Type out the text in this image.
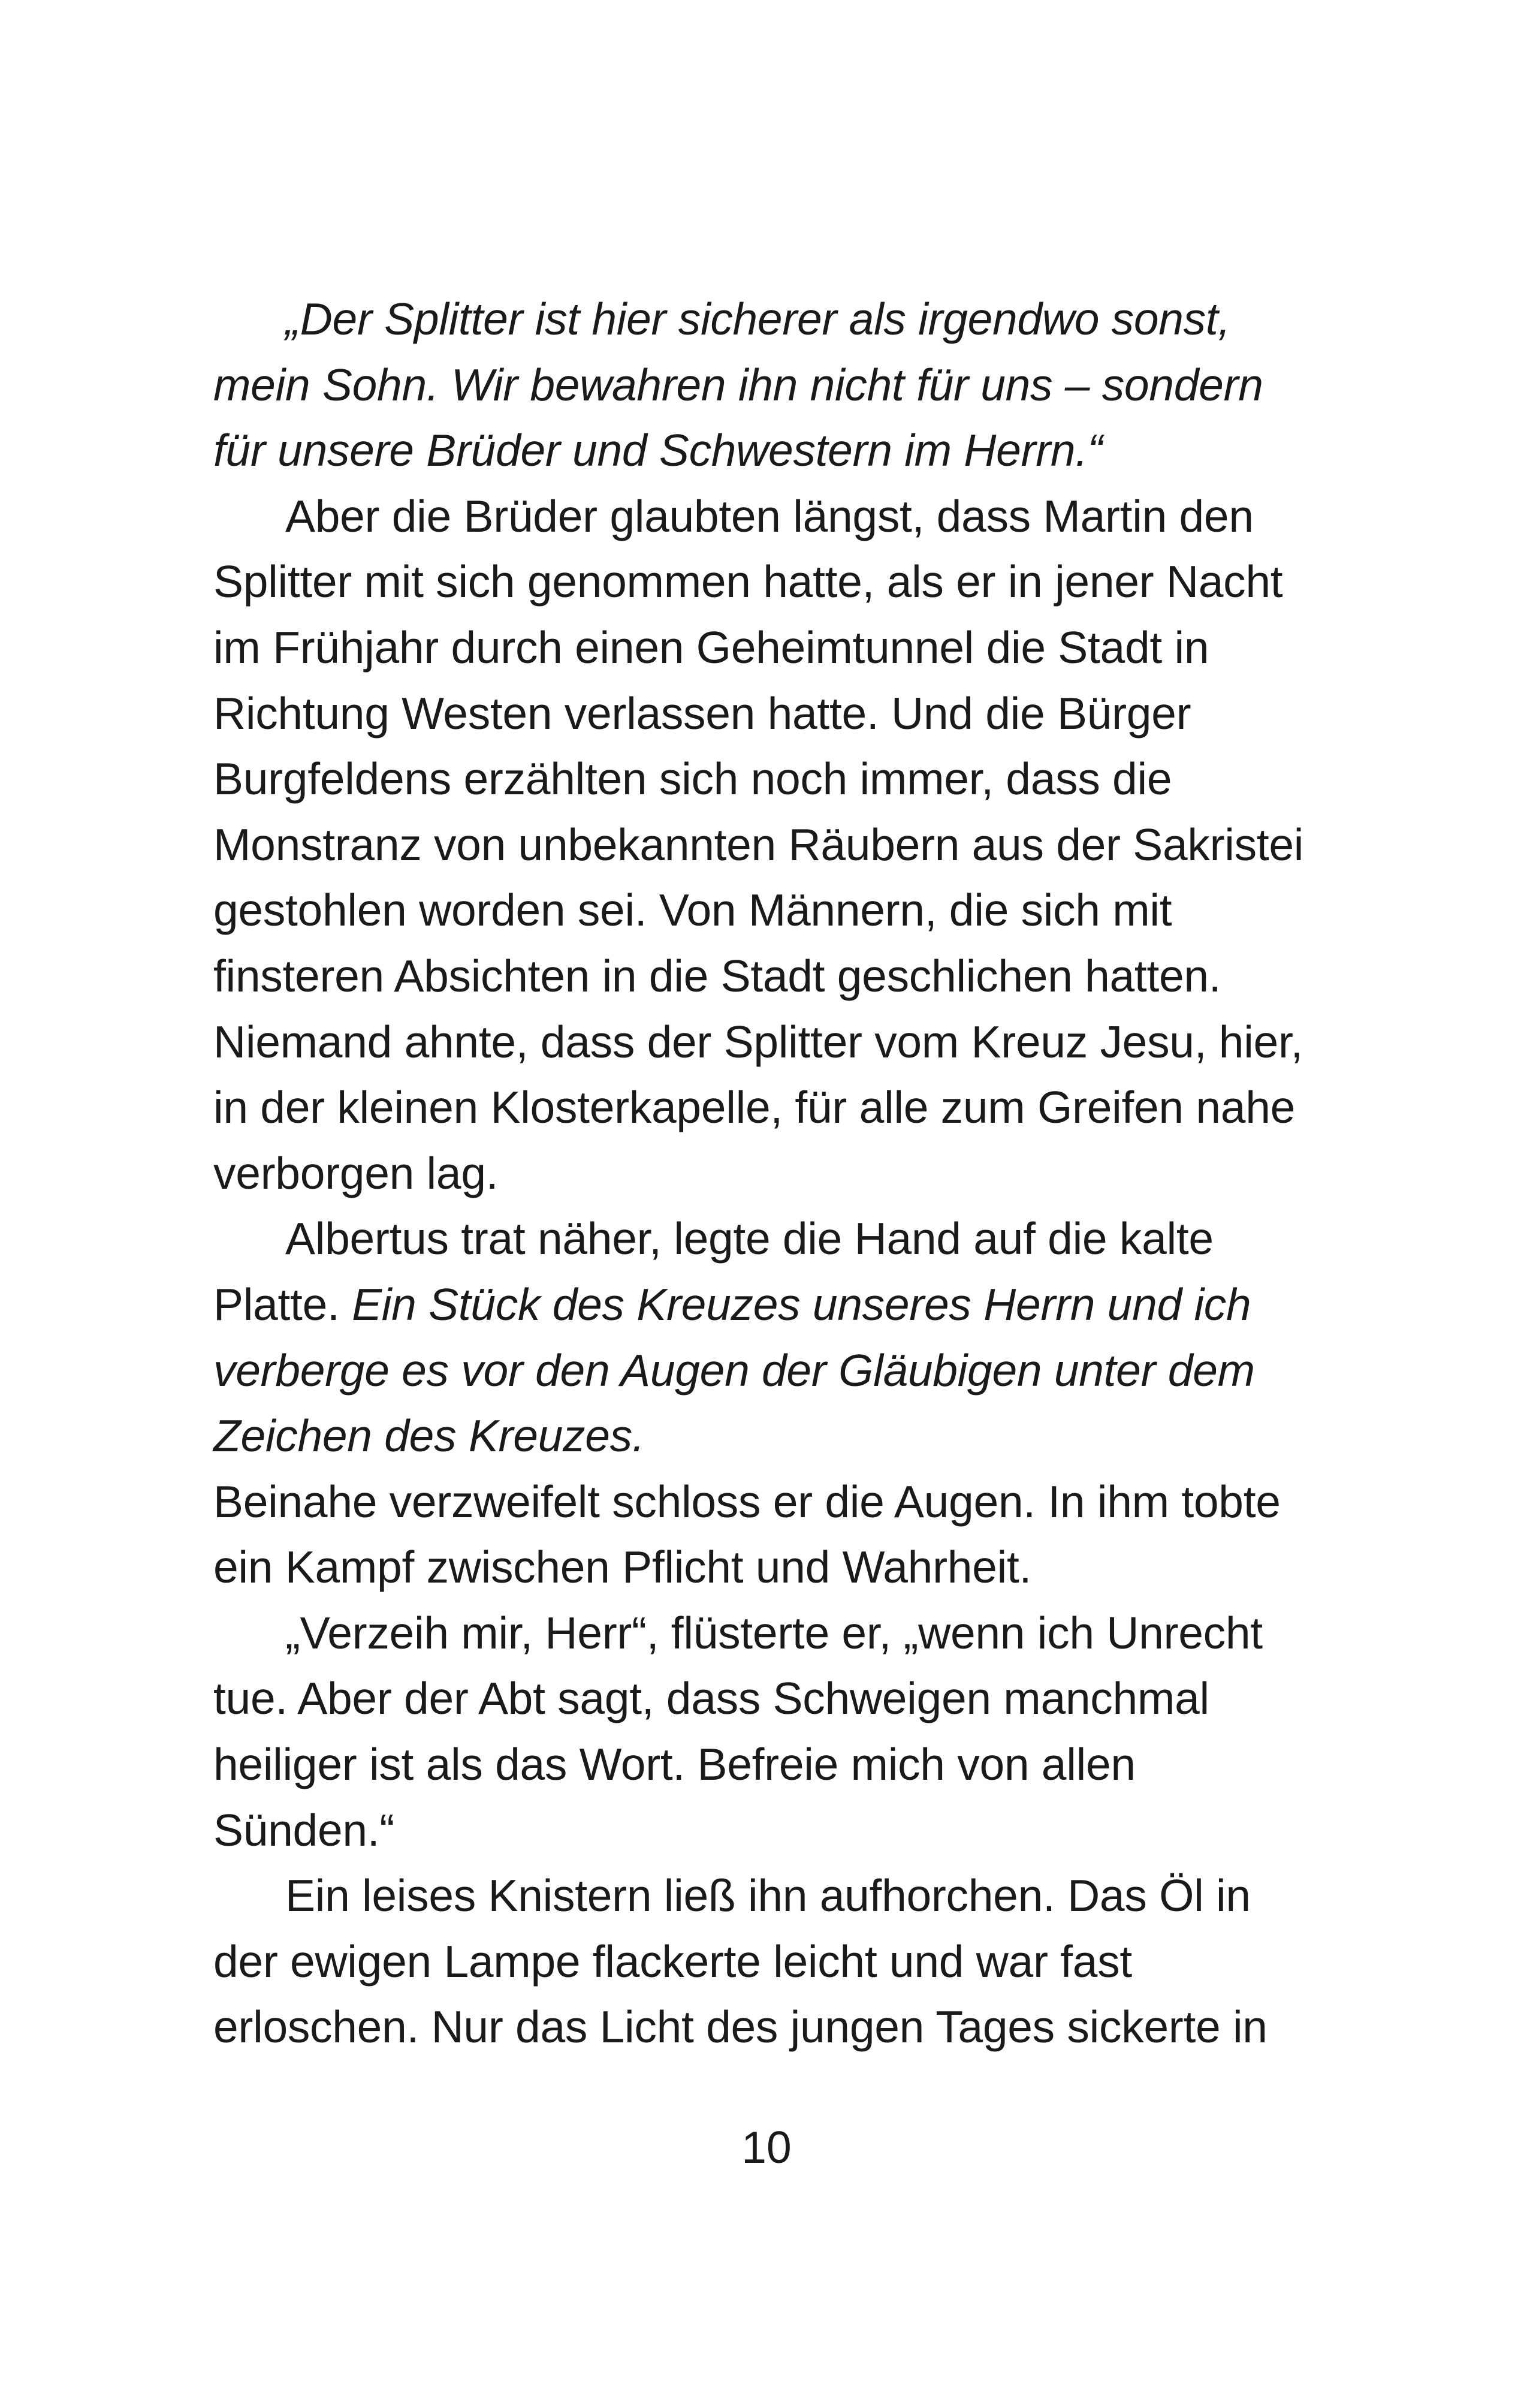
„Der Splitter ist hier sicherer als irgendwo sonst, mein Sohn. Wir bewahren ihn nicht für uns – sondern für unsere Brüder und Schwestern im Herrn.“

Aber die Brüder glaubten längst, dass Martin den Splitter mit sich genommen hatte, als er in jener Nacht im Frühjahr durch einen Geheimtunnel die Stadt in Richtung Westen verlassen hatte. Und die Bürger Burgfeldens erzählten sich noch immer, dass die Monstranz von unbekannten Räubern aus der Sakristei gestohlen worden sei. Von Männern, die sich mit finsteren Absichten in die Stadt geschlichen hatten. Niemand ahnte, dass der Splitter vom Kreuz Jesu, hier, in der kleinen Klosterkapelle, für alle zum Greifen nahe verborgen lag.

Albertus trat näher, legte die Hand auf die kalte Platte. Ein Stück des Kreuzes unseres Herrn und ich verberge es vor den Augen der Gläubigen unter dem Zeichen des Kreuzes.

Beinahe verzweifelt schloss er die Augen. In ihm tobte ein Kampf zwischen Pflicht und Wahrheit.

„Verzeih mir, Herr“, flüsterte er, „wenn ich Unrecht tue. Aber der Abt sagt, dass Schweigen manchmal heiliger ist als das Wort. Befreie mich von allen Sünden.“

Ein leises Knistern ließ ihn aufhorchen. Das Öl in der ewigen Lampe flackerte leicht und war fast erloschen. Nur das Licht des jungen Tages sickerte in

10
